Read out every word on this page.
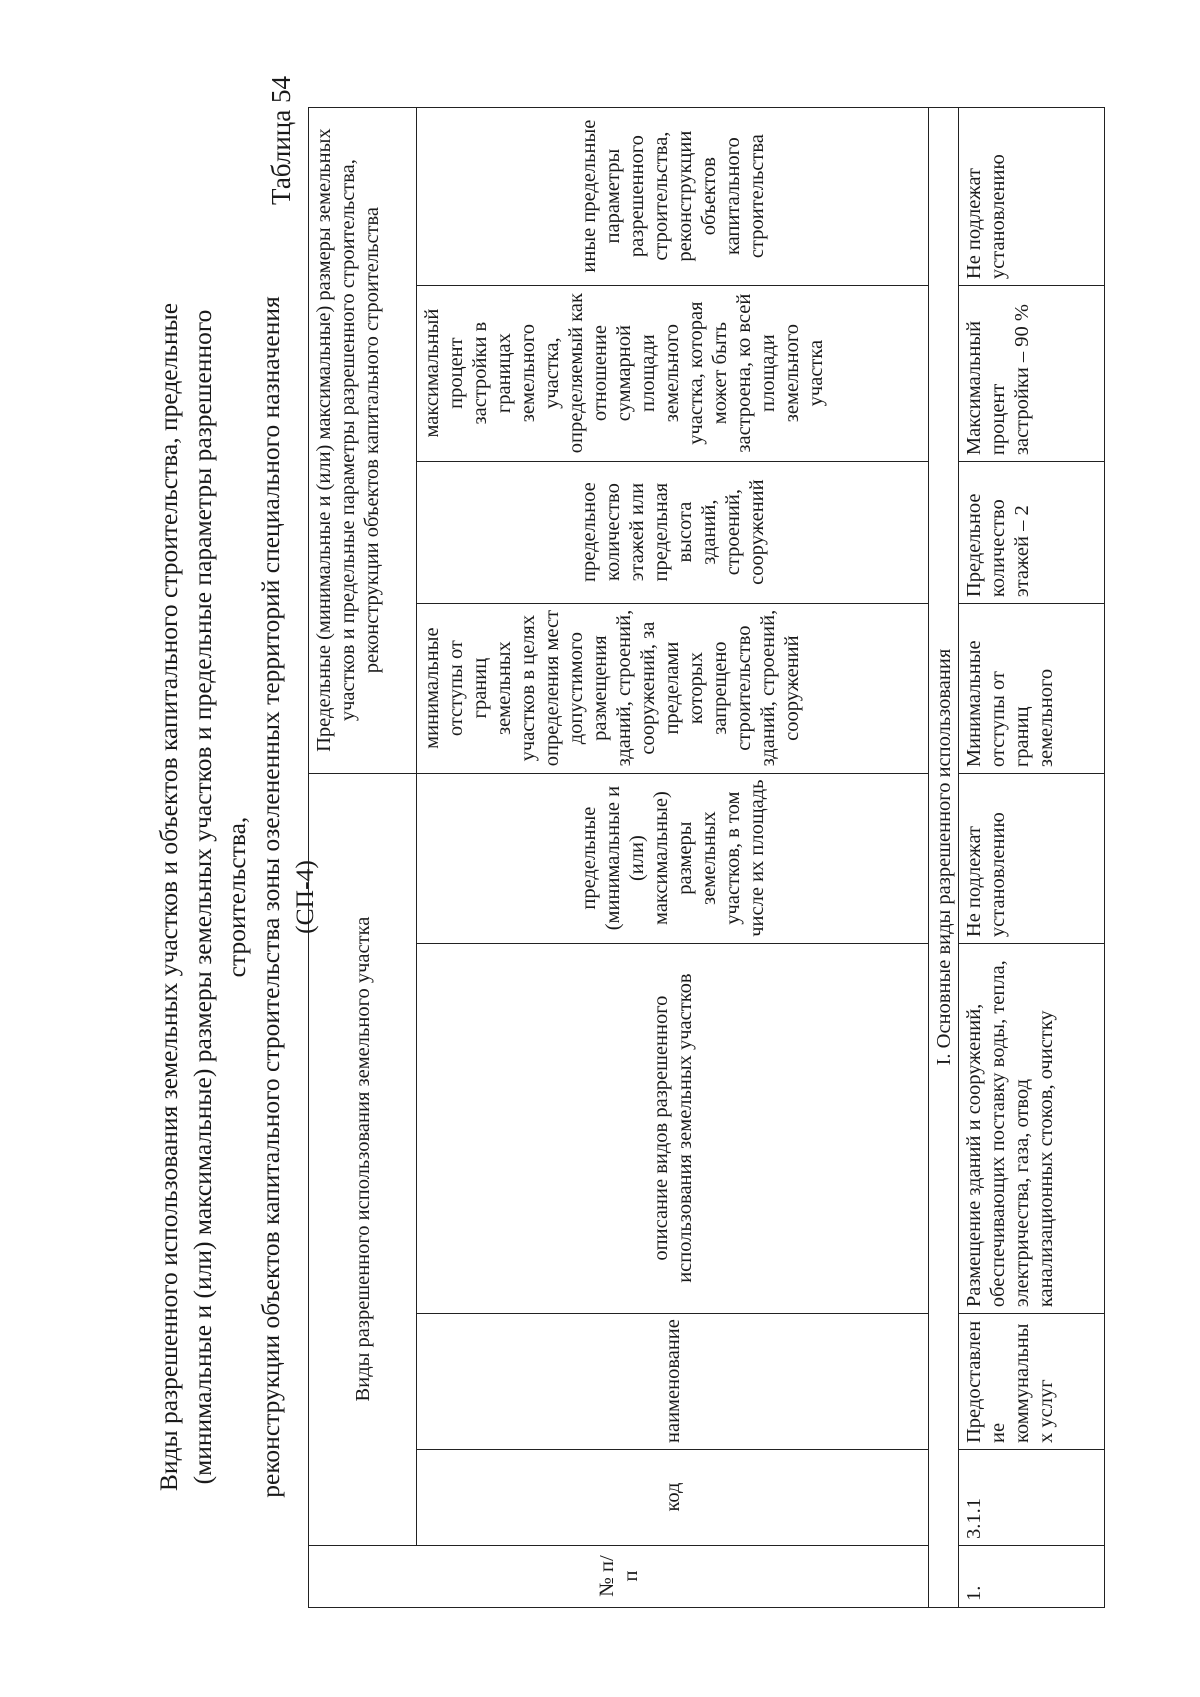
Виды разрешенного использования земельных участков и объектов капитального строительства, предельные (минимальные и (или) максимальные) размеры земельных участков и предельные параметры разрешенного строительства, реконструкции объектов капитального строительства зоны озелененных территорий специального назначения (СП-4)
Таблица 54
№ п/п	Виды разрешенного использования земельного участка				Предельные (минимальные и (или) максимальные) размеры земельных участков и предельные параметры разрешенного строительства, реконструкции объектов капитального строительства			
	код	наименование	описание видов разрешенного использования земельных участков	предельные (минимальные и (или) максимальные) размеры земельных участков, в том числе их площадь	минимальные отступы от границ земельных участков в целях определения мест допустимого размещения зданий, строений, сооружений, за пределами которых запрещено строительство зданий, строений, сооружений	предельное количество этажей или предельная высота зданий, строений, сооружений	максимальный процент застройки в границах земельного участка, определяемый как отношение суммарной площади земельного участка, которая может быть застроена, ко всей площади земельного участка	иные предельные параметры разрешенного строительства, реконструкции объектов капитального строительства
I. Основные виды разрешенного использования								
1.	3.1.1	Предоставлен ие коммунальны х услуг	Размещение зданий и сооружений, обеспечивающих поставку воды, тепла, электричества, газа, отвод канализационных стоков, очистку	Не подлежат установлению	Минимальные отступы от границ земельного	Предельное количество этажей – 2	Максимальный процент застройки – 90 %	Не подлежат установлению
